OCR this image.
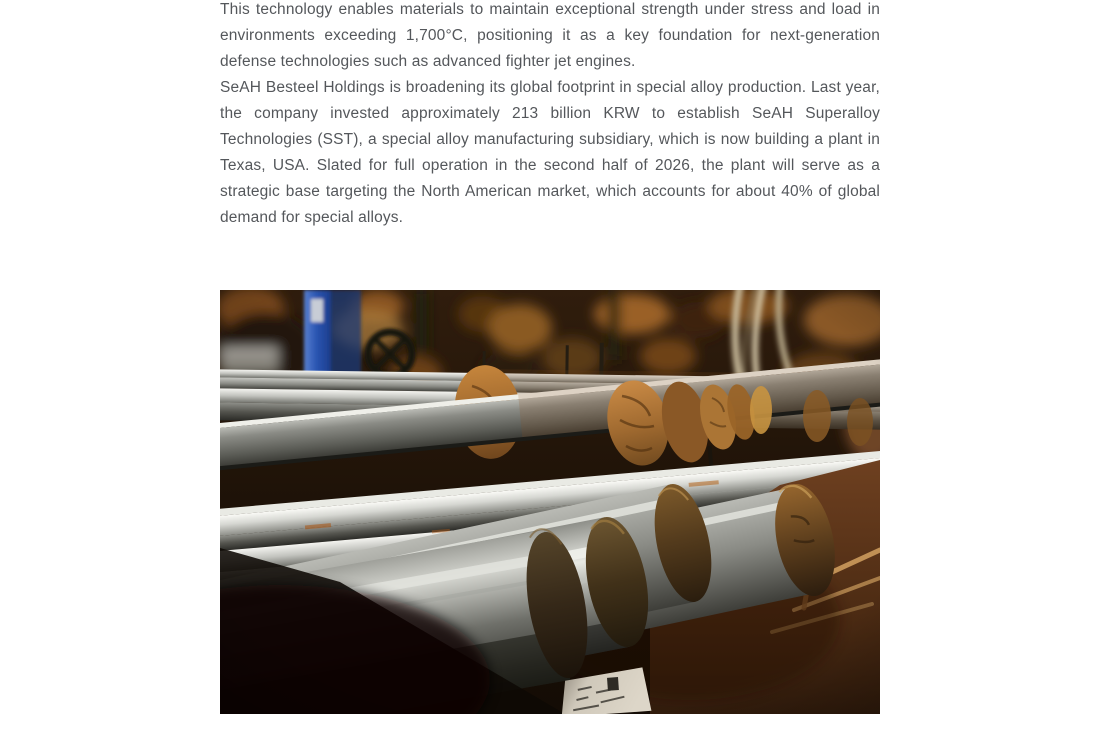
This technology enables materials to maintain exceptional strength under stress and load in environments exceeding 1,700°C, positioning it as a key foundation for next-generation defense technologies such as advanced fighter jet engines.

SeAH Besteel Holdings is broadening its global footprint in special alloy production. Last year, the company invested approximately 213 billion KRW to establish SeAH Superalloy Technologies (SST), a special alloy manufacturing subsidiary, which is now building a plant in Texas, USA. Slated for full operation in the second half of 2026, the plant will serve as a strategic base targeting the North American market, which accounts for about 40% of global demand for special alloys.
